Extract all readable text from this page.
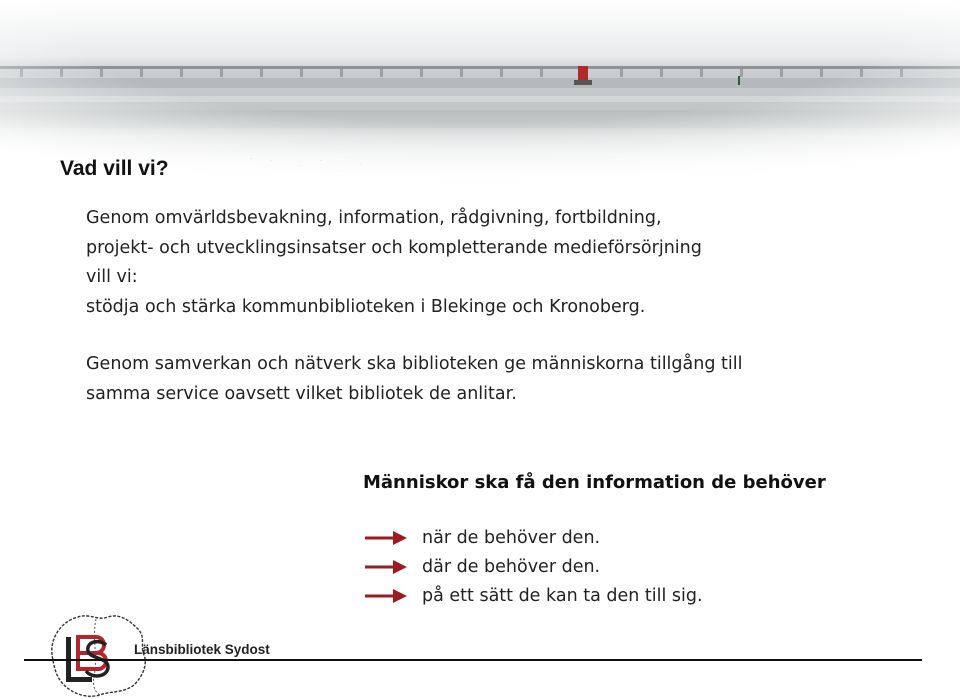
Vad vill vi?
Genom omvärldsbevakning, information, rådgivning, fortbildning,
projekt- och utvecklingsinsatser och kompletterande medieförsörjning
vill vi:
stödja och stärka kommunbiblioteken i Blekinge och Kronoberg.
Genom samverkan och nätverk ska biblioteken ge människorna tillgång till
samma service oavsett vilket bibliotek de anlitar.
Människor ska få den information de behöver
när de behöver den.
där de behöver den.
på ett sätt de kan ta den till sig.
Länsbibliotek Sydost
